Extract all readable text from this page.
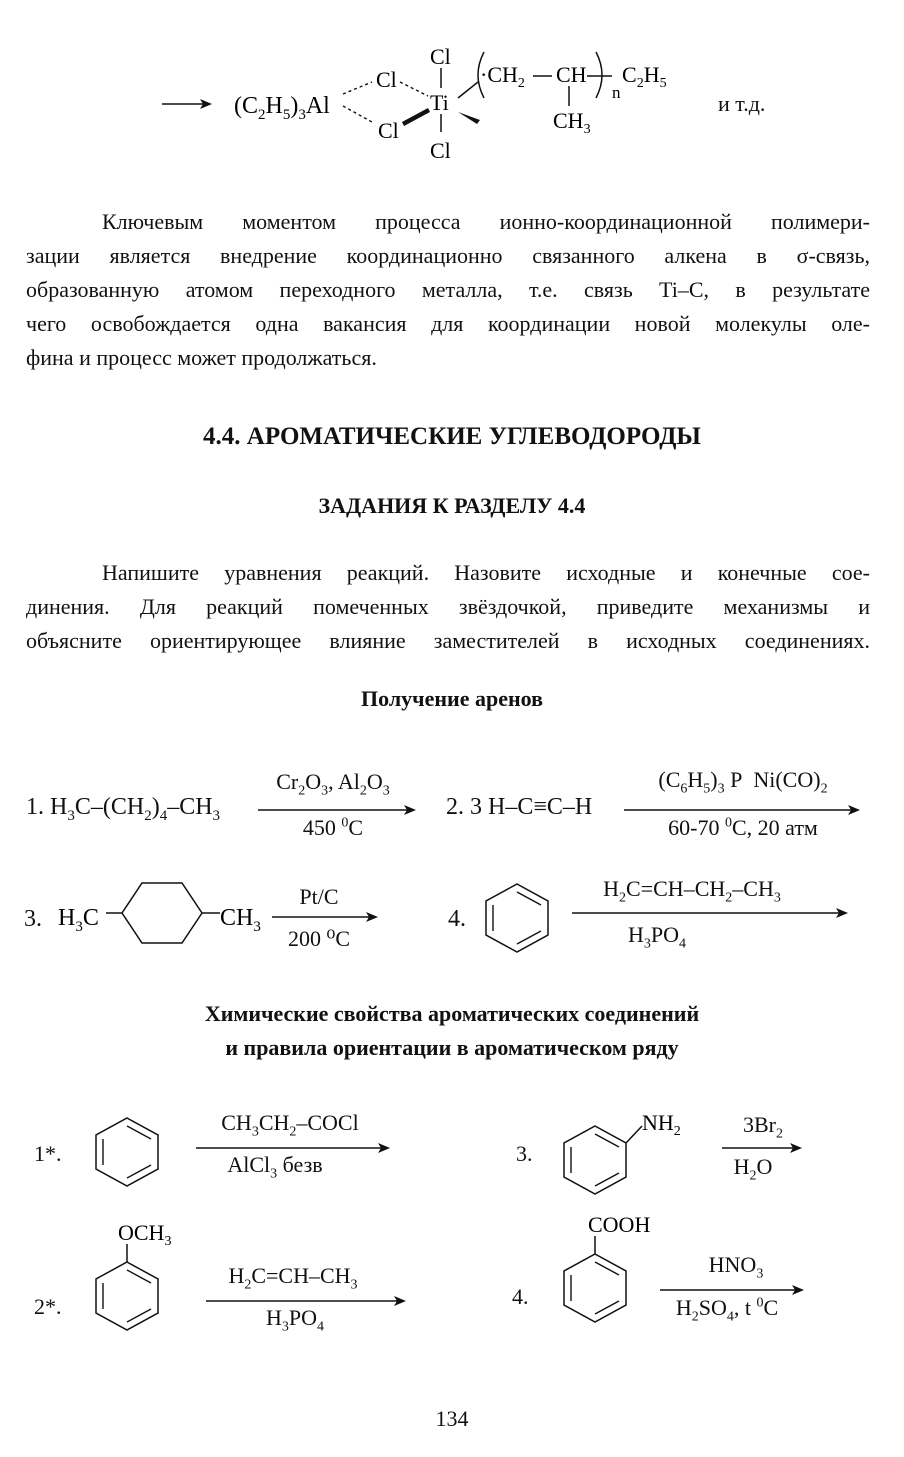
$(C_2H_5)_3Al$
Cl
Cl
Ti
Cl
Cl
$\cdot CH_2$ CH
$CH_3$
n
$C_2H_5$
и т.д.
Ключевым моментом процесса ионно-координационной полимери-
зации является внедрение координационно связанного алкена в σ-связь,
образованную атомом переходного металла, т.е. связь Ti–C, в результате
чего освобождается одна вакансия для координации новой молекулы оле-
фина и процесс может продолжаться.
4.4. АРОМАТИЧЕСКИЕ УГЛЕВОДОРОДЫ
ЗАДАНИЯ К РАЗДЕЛУ 4.4
Напишите уравнения реакций. Назовите исходные и конечные сое-
динения. Для реакций помеченных звёздочкой, приведите механизмы и
объясните ориентирующее влияние заместителей в исходных соединениях.
Получение аренов
1. $H_3C-(CH_2)_4-CH_3$
$Cr_2O_3$, $Al_2O_3$
450 $^0$C
2. 3 H–C≡C–H
$(C_6H_5)_3$ P  $Ni(CO)_2$
60-70 $^0$C, 20 атм
3. $H_3C$	$CH_3$
Pt/C
200 ⁰C
4.
$H_2C=CH-CH_2-CH_3$
$H_3PO_4$
Химические свойства ароматических соединений
и правила ориентации в ароматическом ряду
1*.
$CH_3CH_2$–COCl
AlCl$_3$ безв	3.
$NH_2$	$3Br_2$
$H_2O$
2*.
$OCH_3$
$H_2C=CH-CH_3$
$H_3PO_4$
4.
COOH
$HNO_3$
$H_2SO_4$, t $^0$C
134
